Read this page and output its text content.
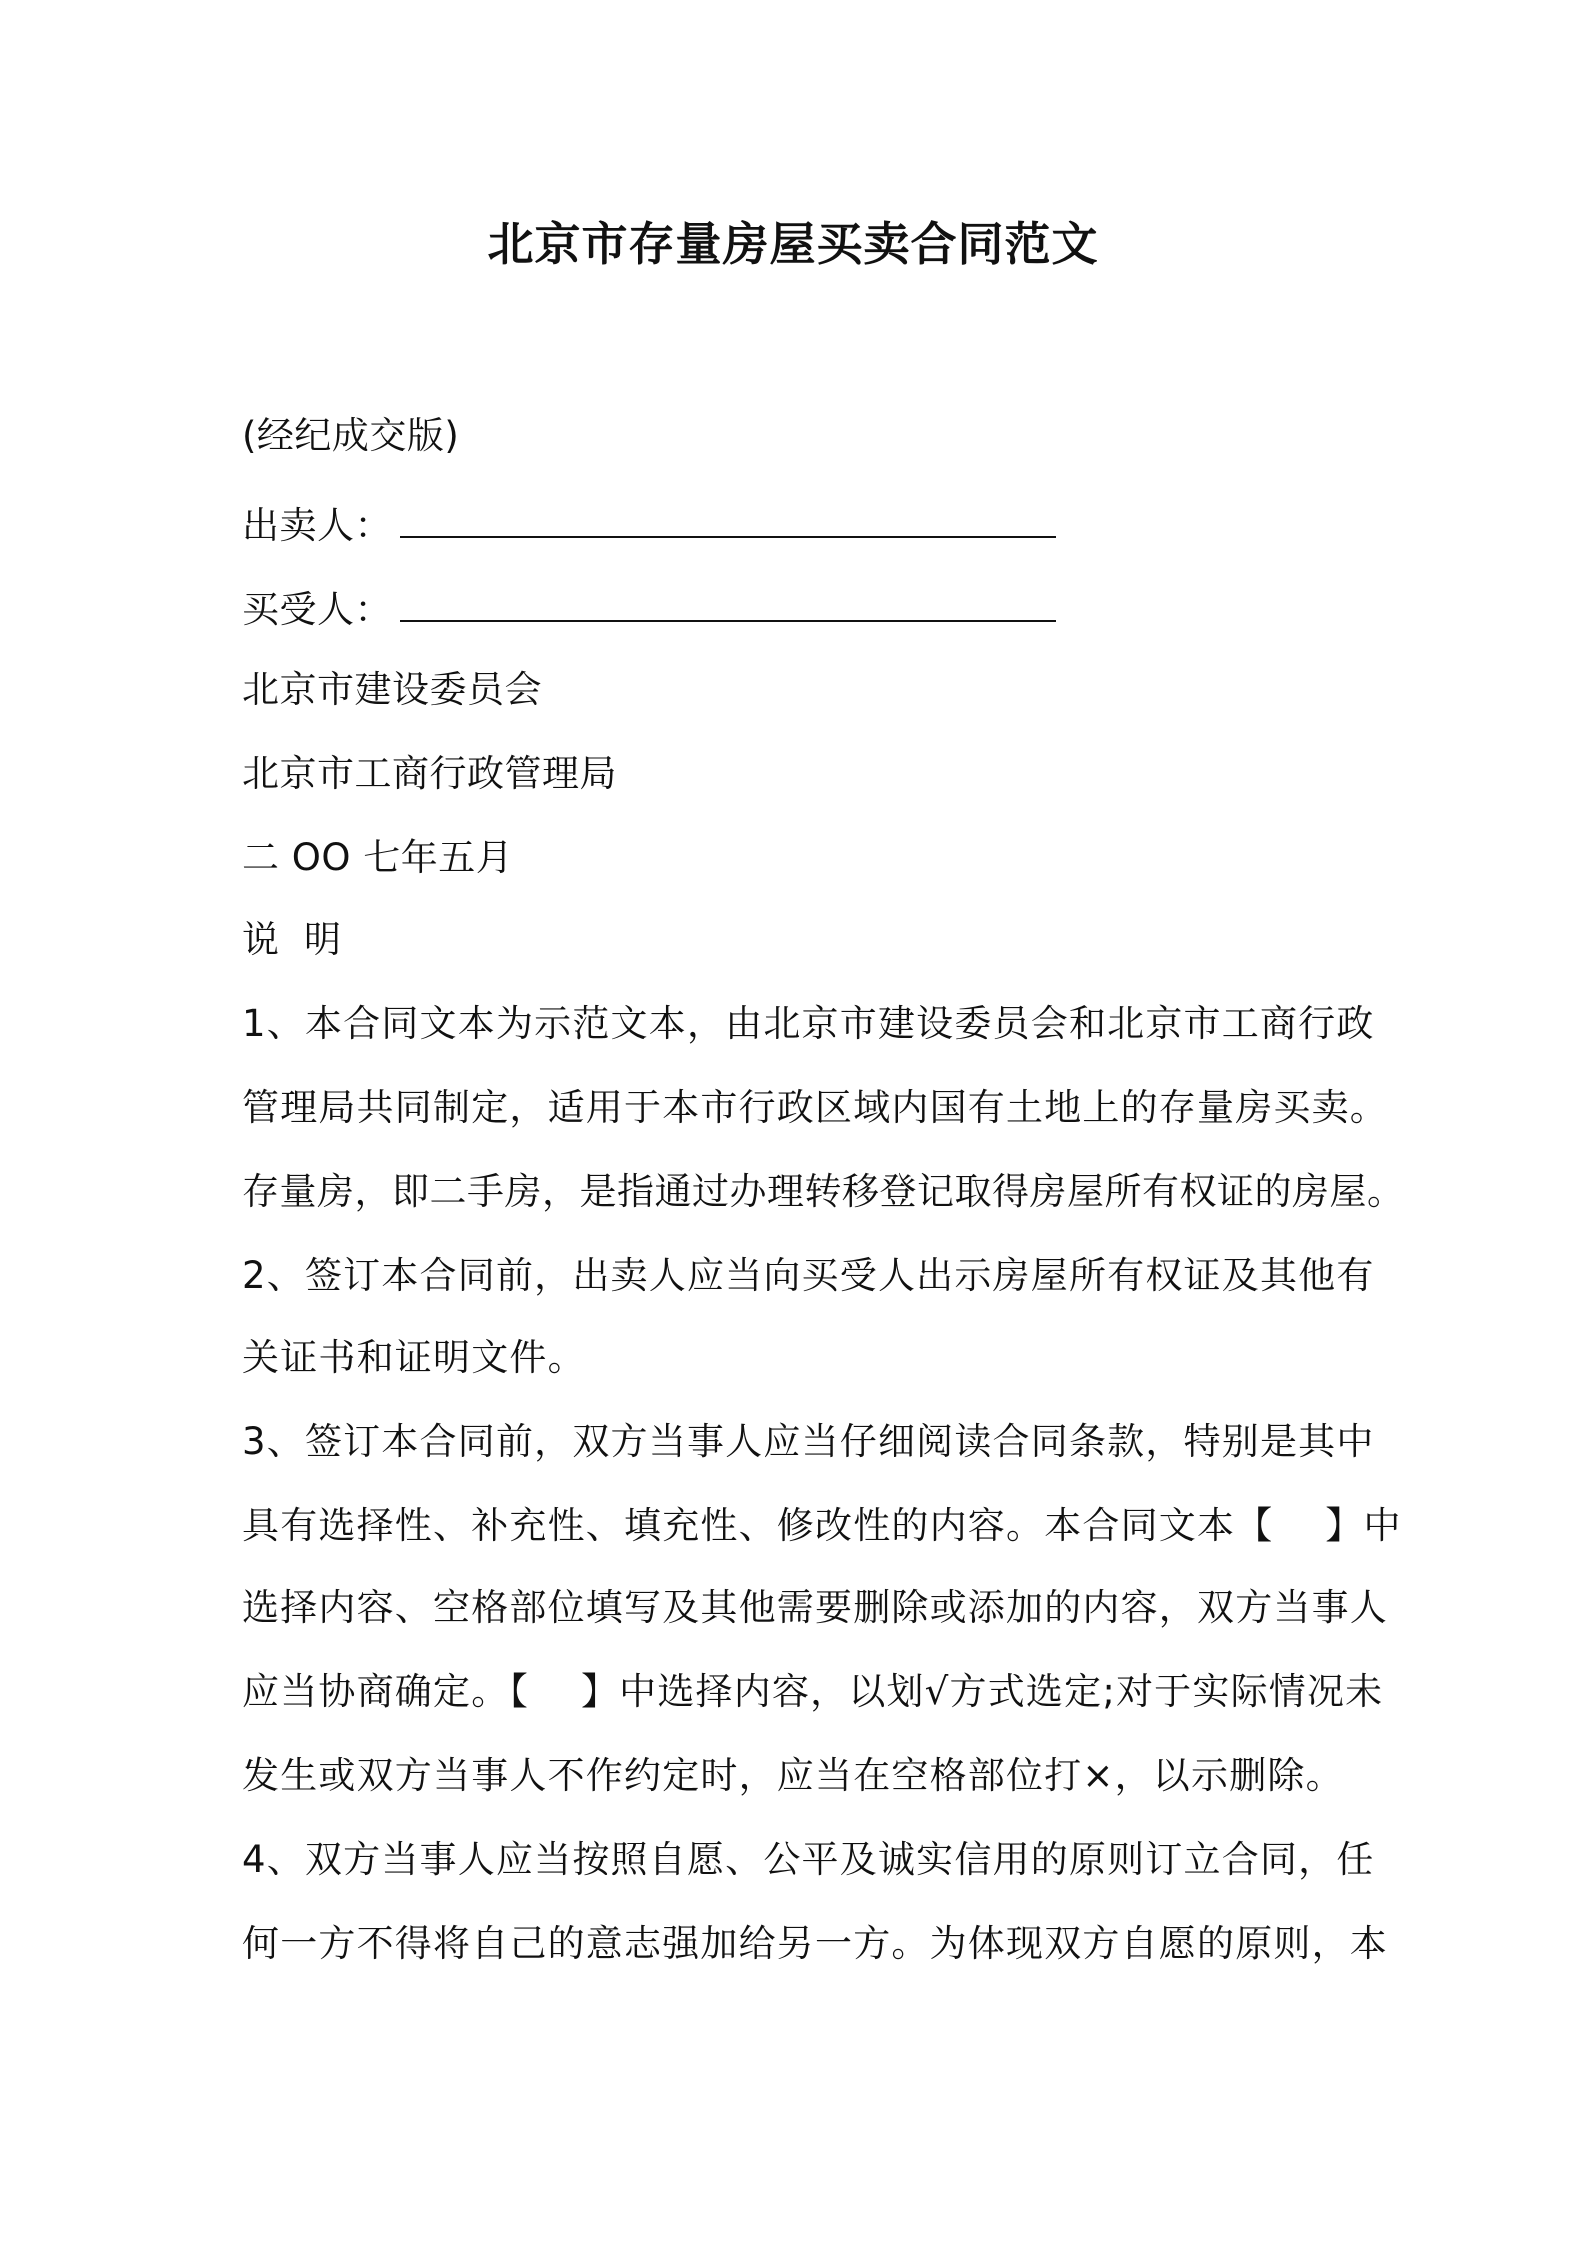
北京市存量房屋买卖合同范文
(经纪成交版)
出卖人：
买受人：
北京市建设委员会
北京市工商行政管理局
二 OO 七年五月
说  明
1、本合同文本为示范文本，由北京市建设委员会和北京市工商行政
管理局共同制定，适用于本市行政区域内国有土地上的存量房买卖。
存量房，即二手房，是指通过办理转移登记取得房屋所有权证的房屋。
2、签订本合同前，出卖人应当向买受人出示房屋所有权证及其他有
关证书和证明文件。
3、签订本合同前，双方当事人应当仔细阅读合同条款，特别是其中
具有选择性、补充性、填充性、修改性的内容。本合同文本【    】中
选择内容、空格部位填写及其他需要删除或添加的内容，双方当事人
应当协商确定。【    】中选择内容，以划√方式选定;对于实际情况未
发生或双方当事人不作约定时，应当在空格部位打×，以示删除。
4、双方当事人应当按照自愿、公平及诚实信用的原则订立合同，任
何一方不得将自己的意志强加给另一方。为体现双方自愿的原则，本
